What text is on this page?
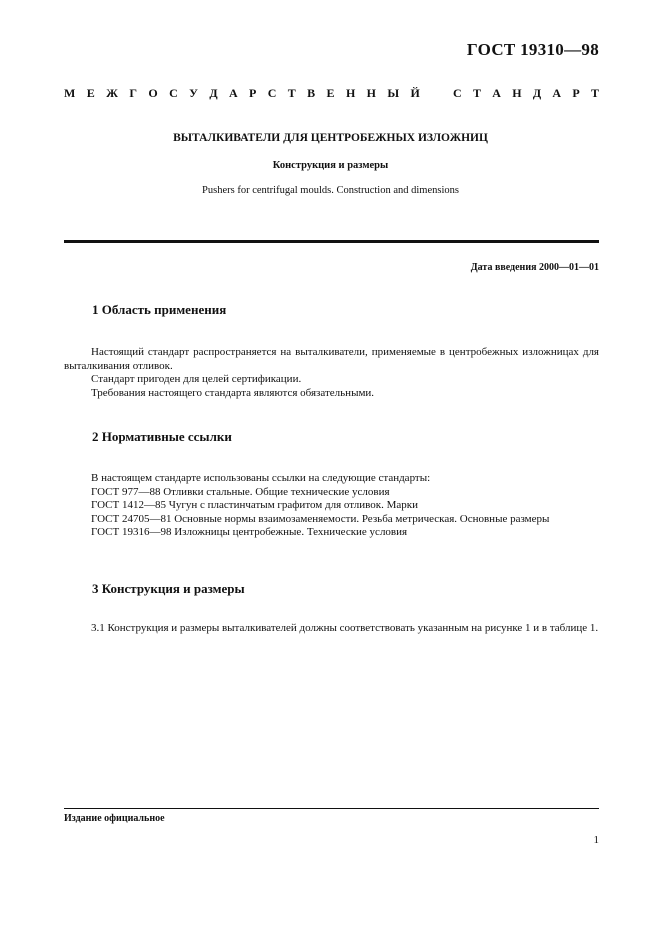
ГОСТ 19310—98
М Е Ж Г О С У Д А Р С Т В Е Н Н Ы Й	С Т А Н Д А Р Т
ВЫТАЛКИВАТЕЛИ ДЛЯ ЦЕНТРОБЕЖНЫХ ИЗЛОЖНИЦ
Конструкция и размеры
Pushers for centrifugal moulds. Construction and dimensions
Дата введения 2000—01—01
1 Область применения

Настоящий стандарт распространяется на выталкиватели, применяемые в центробежных изложницах для выталкивания отливок.

Стандарт пригоден для целей сертификации.

Требования настоящего стандарта являются обязательными.

2 Нормативные ссылки

В настоящем стандарте использованы ссылки на следующие стандарты:

ГОСТ 977—88 Отливки стальные. Общие технические условия

ГОСТ 1412—85 Чугун с пластинчатым графитом для отливок. Марки

ГОСТ 24705—81 Основные нормы взаимозаменяемости. Резьба метрическая. Основные размеры

ГОСТ 19316—98 Изложницы центробежные. Технические условия

3 Конструкция и размеры

3.1 Конструкция и размеры выталкивателей должны соответствовать указанным на рисунке 1 и в таблице 1.

Издание официальное
1
